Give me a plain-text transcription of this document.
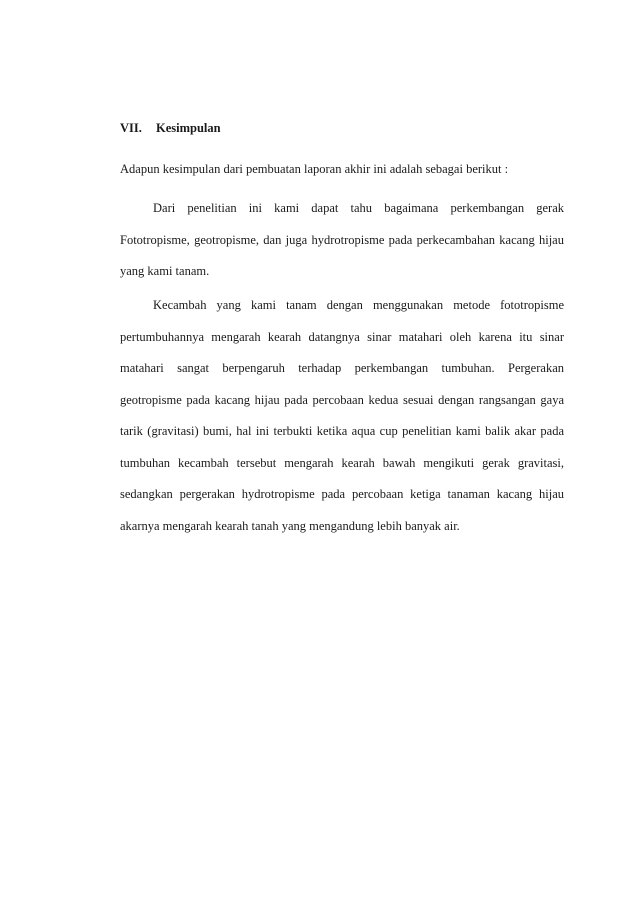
VII. Kesimpulan
Adapun kesimpulan dari pembuatan laporan akhir ini adalah sebagai berikut :

Dari penelitian ini kami dapat tahu bagaimana perkembangan gerak Fototropisme, geotropisme, dan juga hydrotropisme pada perkecambahan kacang hijau yang kami tanam.

Kecambah yang kami tanam dengan menggunakan metode fototropisme pertumbuhannya mengarah kearah datangnya sinar matahari oleh karena itu sinar matahari sangat berpengaruh terhadap perkembangan tumbuhan. Pergerakan geotropisme pada kacang hijau pada percobaan kedua sesuai dengan rangsangan gaya tarik (gravitasi) bumi, hal ini terbukti ketika aqua cup penelitian kami balik akar pada tumbuhan kecambah tersebut mengarah kearah bawah mengikuti gerak gravitasi, sedangkan pergerakan hydrotropisme pada percobaan ketiga tanaman kacang hijau akarnya mengarah kearah tanah yang mengandung lebih banyak air.
